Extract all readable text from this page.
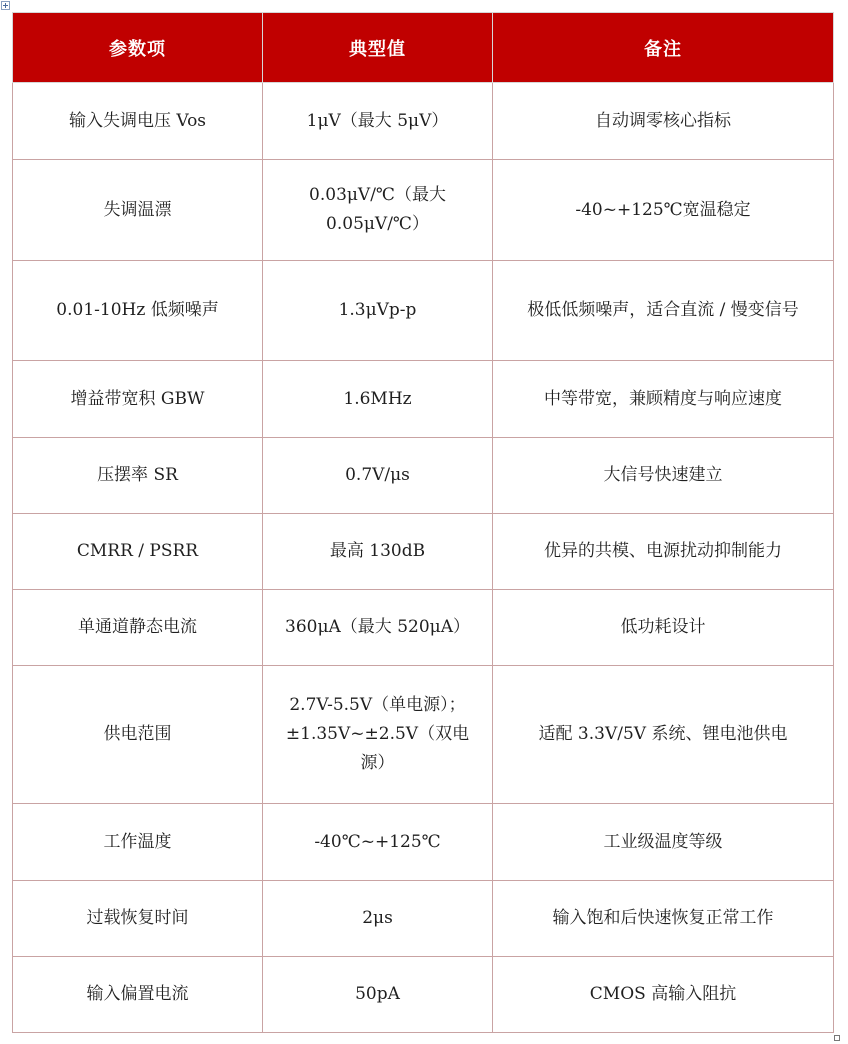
参数项	典型值	备注
输入失调电压 Vos	1μV（最大 5μV）	自动调零核心指标
失调温漂	0.03μV/℃（最大 0.05μV/℃）	-40~+125℃宽温稳定
0.01-10Hz 低频噪声	1.3μVp-p	极低低频噪声，适合直流 / 慢变信号
增益带宽积 GBW	1.6MHz	中等带宽，兼顾精度与响应速度
压摆率 SR	0.7V/μs	大信号快速建立
CMRR / PSRR	最高 130dB	优异的共模、电源扰动抑制能力
单通道静态电流	360μA（最大 520μA）	低功耗设计
供电范围	2.7V-5.5V（单电源）；±1.35V~±2.5V（双电源）	适配 3.3V/5V 系统、锂电池供电
工作温度	-40℃~+125℃	工业级温度等级
过载恢复时间	2μs	输入饱和后快速恢复正常工作
输入偏置电流	50pA	CMOS 高输入阻抗
